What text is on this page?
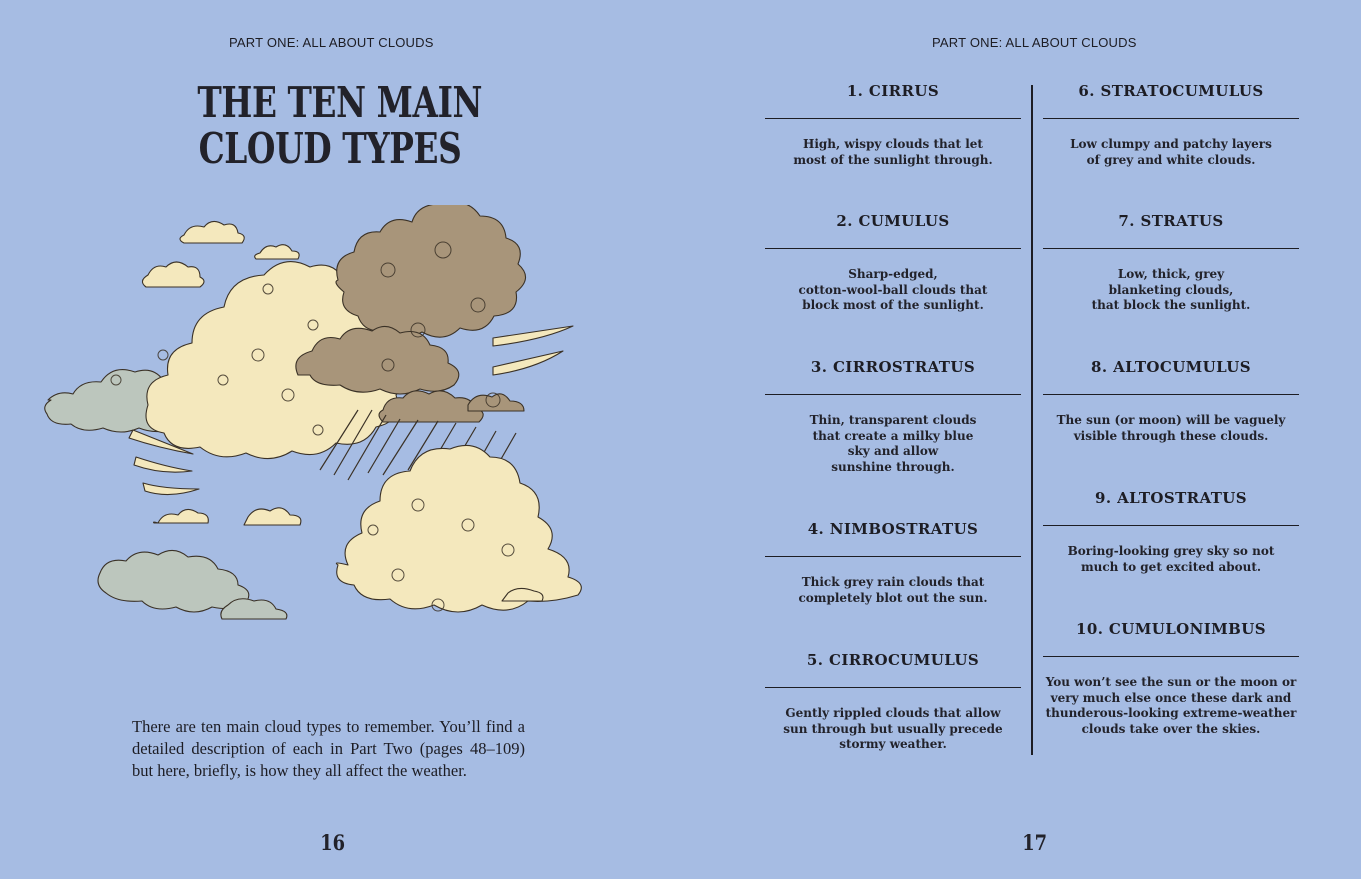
PART ONE: ALL ABOUT CLOUDS
THE TEN MAIN
CLOUD TYPES
There are ten main cloud types to remember. You’ll find a detailed description of each in Part Two (pages 48–109) but here, briefly, is how they all affect the weather.
16
PART ONE: ALL ABOUT CLOUDS
1. CIRRUS
High, wispy clouds that let
most of the sunlight through.
2. CUMULUS
Sharp-edged,
cotton-wool-ball clouds that
block most of the sunlight.
3. CIRROSTRATUS
Thin, transparent clouds
that create a milky blue
sky and allow
sunshine through.
4. NIMBOSTRATUS
Thick grey rain clouds that
completely blot out the sun.
5. CIRROCUMULUS
Gently rippled clouds that allow
sun through but usually precede
stormy weather.
6. STRATOCUMULUS
Low clumpy and patchy layers
of grey and white clouds.
7. STRATUS
Low, thick, grey
blanketing clouds,
that block the sunlight.
8. ALTOCUMULUS
The sun (or moon) will be vaguely
visible through these clouds.
9. ALTOSTRATUS
Boring-looking grey sky so not
much to get excited about.
10. CUMULONIMBUS
You won’t see the sun or the moon or
very much else once these dark and
thunderous-looking extreme-weather
clouds take over the skies.
17
